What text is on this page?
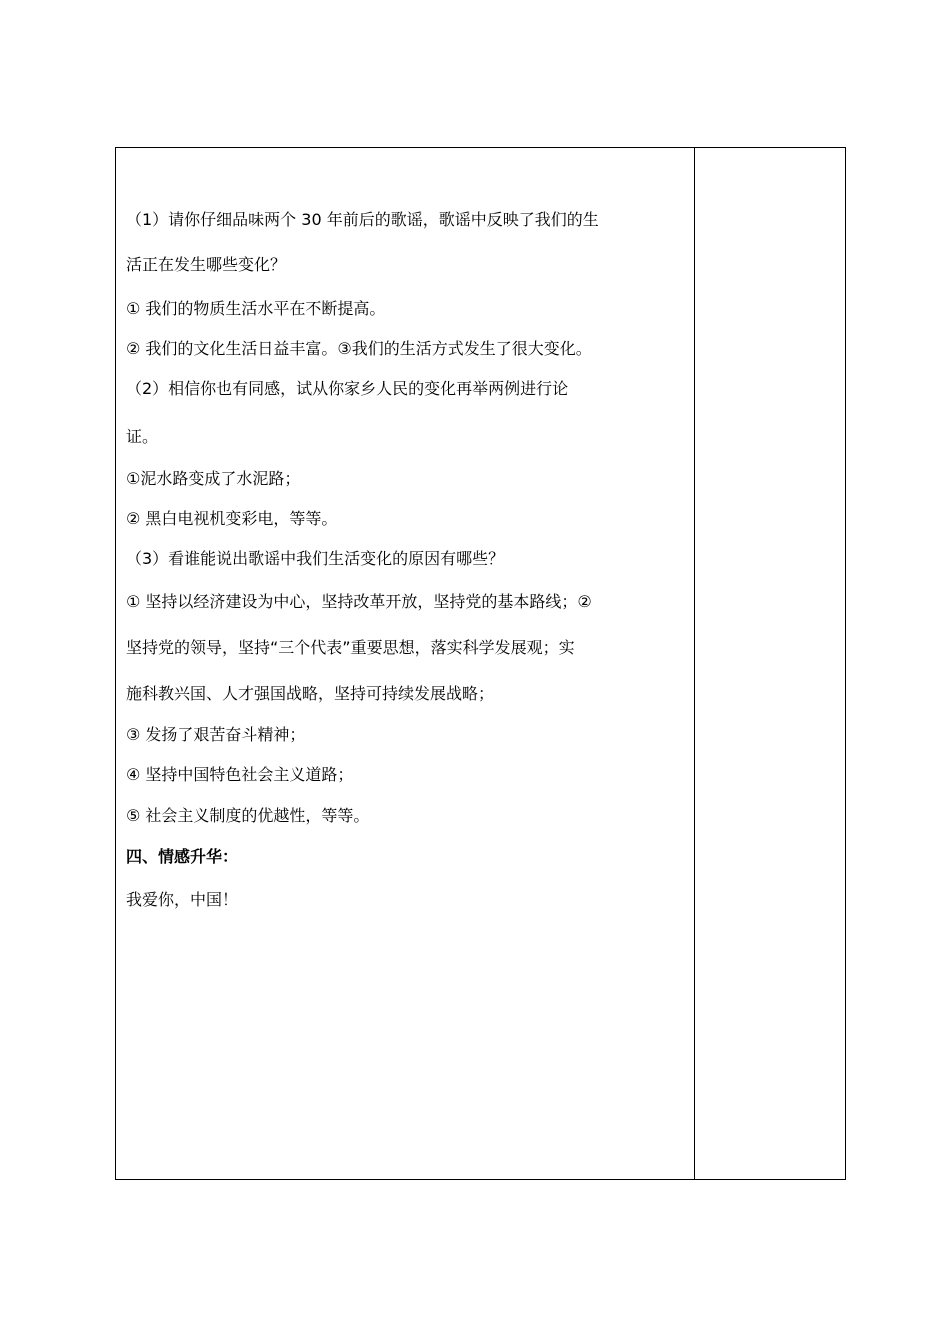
（1）请你仔细品味两个 30 年前后的歌谣，歌谣中反映了我们的生
活正在发生哪些变化？
① 我们的物质生活水平在不断提高。
② 我们的文化生活日益丰富。③我们的生活方式发生了很大变化。
（2）相信你也有同感，试从你家乡人民的变化再举两例进行论
证。
①泥水路变成了水泥路；
② 黑白电视机变彩电，等等。
（3）看谁能说出歌谣中我们生活变化的原因有哪些？
① 坚持以经济建设为中心，坚持改革开放，坚持党的基本路线；②
坚持党的领导，坚持“三个代表”重要思想，落实科学发展观；实
施科教兴国、人才强国战略，坚持可持续发展战略；
③ 发扬了艰苦奋斗精神；
④ 坚持中国特色社会主义道路；
⑤ 社会主义制度的优越性，等等。
四、情感升华：
我爱你，中国！
